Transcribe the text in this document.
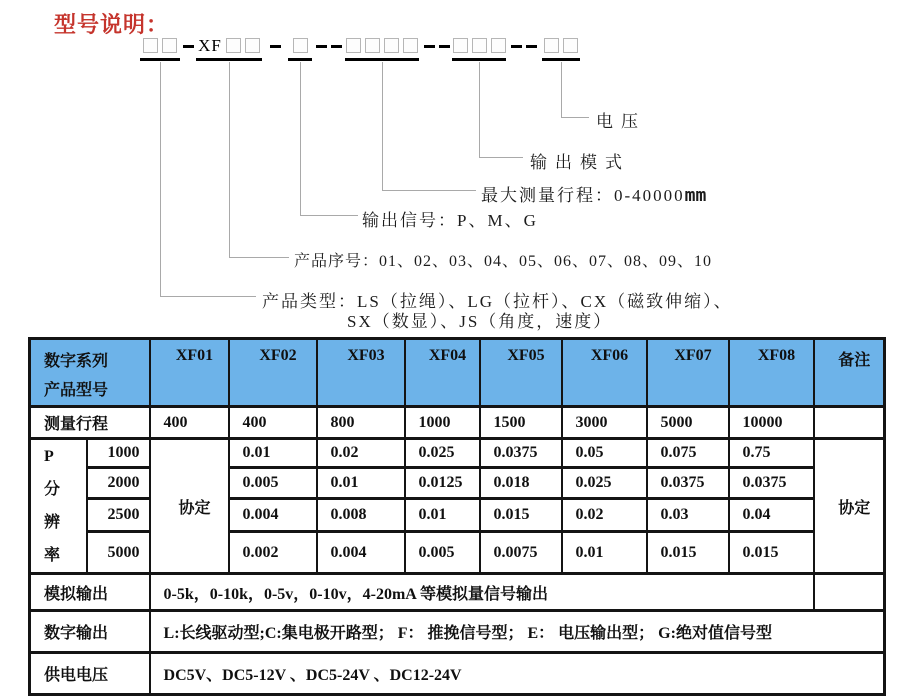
型号说明：
XF
电压
输出模式
最大测量行程：0-40000mm
输出信号：P、M、G
产品序号：01、02、03、04、05、06、07、08、09、10
产品类型：LS（拉绳）、LG（拉杆）、CX（磁致伸缩）、
SX（数显）、JS（角度，速度）
数字系列
产品型号		XF01	XF02	XF03	XF04	XF05	XF06	XF07	XF08	备注
测量行程		400	400	800	1000	1500	3000	5000	10000	

P
分
辨
率	1000	协定	0.01	0.02	0.025	0.0375	0.05	0.075	0.75	协定
	2000		0.005	0.01	0.0125	0.018	0.025	0.0375	0.0375	
	2500		0.004	0.008	0.01	0.015	0.02	0.03	0.04	
	5000		0.002	0.004	0.005	0.0075	0.01	0.015	0.015	
模拟输出		0-5k，0-10k，0-5v，0-10v，4-20mA 等模拟量信号输出								
数字输出		L:长线驱动型;C:集电极开路型； F： 推挽信号型； E： 电压输出型； G:绝对值信号型								
供电电压		DC5V、DC5-12V 、DC5-24V 、DC12-24V								
